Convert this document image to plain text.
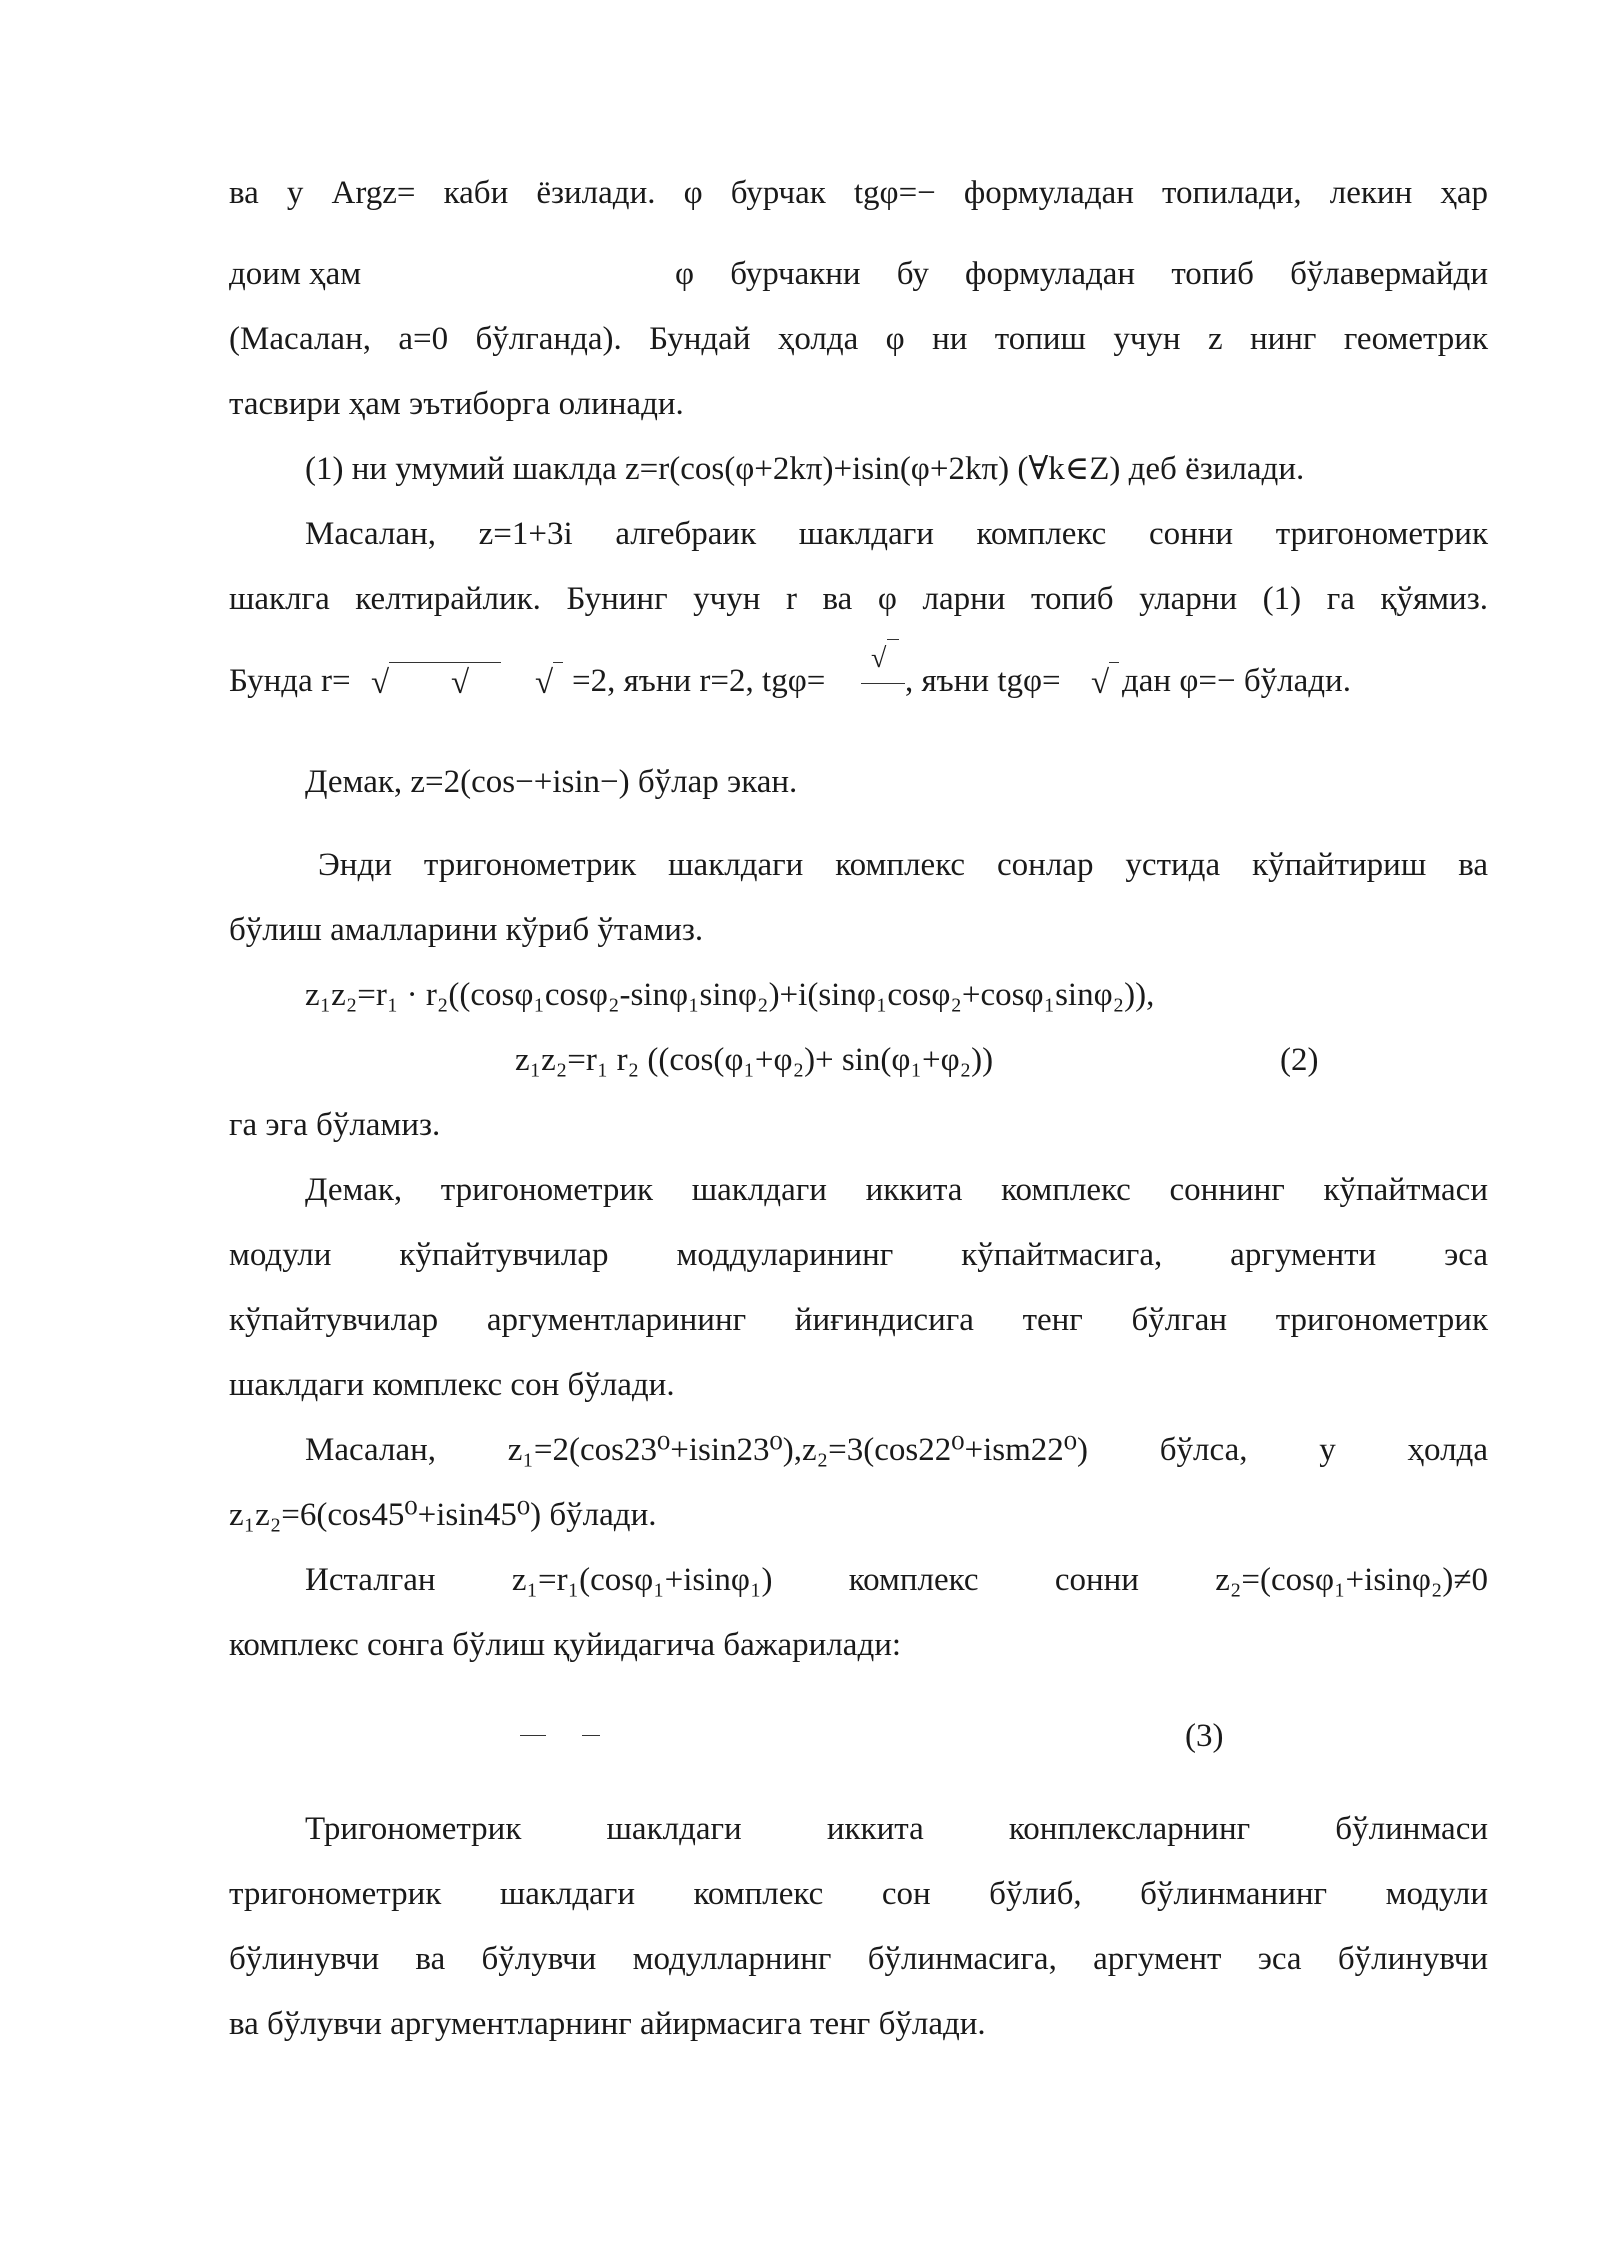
ва у Argz= каби ёзилади. φ бурчак tgφ=− формуладан топилади, лекин ҳар
доим ҳам	φ бурчакни бу формуладан топиб бўлавермайди
(Масалан, а=0 бўлганда). Бундай ҳолда φ ни топиш учун z нинг геометрик
тасвири ҳам эътиборга олинади.
(1) ни умумий шаклда z=r(cos(φ+2kπ)+isin(φ+2kπ) (∀k∈Z) деб ёзилади.
Масалан, z=1+3i алгебраик шаклдаги комплекс сонни тригонометрик
шаклга келтирайлик. Бунинг учун r ва φ ларни топиб уларни (1) га қўямиз.
Бунда r= √ √ √ =2, яъни r=2, tgφ=
√
, яъни tgφ= √ дан φ=− бўлади.
Демак, z=2(cos−+isin−) бўлар экан.
Энди тригонометрик шаклдаги комплекс сонлар устида кўпайтириш ва
бўлиш амалларини кўриб ўтамиз.
z₁z₂=r₁ · r₂((cosφ₁cosφ₂-sinφ₁sinφ₂)+i(sinφ₁cosφ₂+cosφ₁sinφ₂)),
z₁z₂=r₁ r₂ ((cos(φ₁+φ₂)+ sin(φ₁+φ₂))	(2)
га эга бўламиз.
Демак, тригонометрик шаклдаги иккита комплекс соннинг кўпайтмаси
модули кўпайтувчилар моддуларининг кўпайтмасига, аргументи эса
кўпайтувчилар аргументларининг йиғиндисига тенг бўлган тригонометрик
шаклдаги комплекс сон бўлади.
Масалан, z₁=2(cos23⁰+isin23⁰),z₂=3(cos22⁰+ism22⁰) бўлса, у ҳолда
z₁z₂=6(cos45⁰+isin45⁰) бўлади.
Исталган z₁=r₁(cosφ₁+isinφ₁) комплекс сонни z₂=(cosφ₁+isinφ₂)≠0
комплекс сонга бўлиш қуйидагича бажарилади:
(3)
Тригонометрик шаклдаги иккита конплексларнинг бўлинмаси
тригонометрик шаклдаги комплекс сон бўлиб, бўлинманинг модули
бўлинувчи ва бўлувчи модулларнинг бўлинмасига, аргумент эса бўлинувчи
ва бўлувчи аргументларнинг айирмасига тенг бўлади.
